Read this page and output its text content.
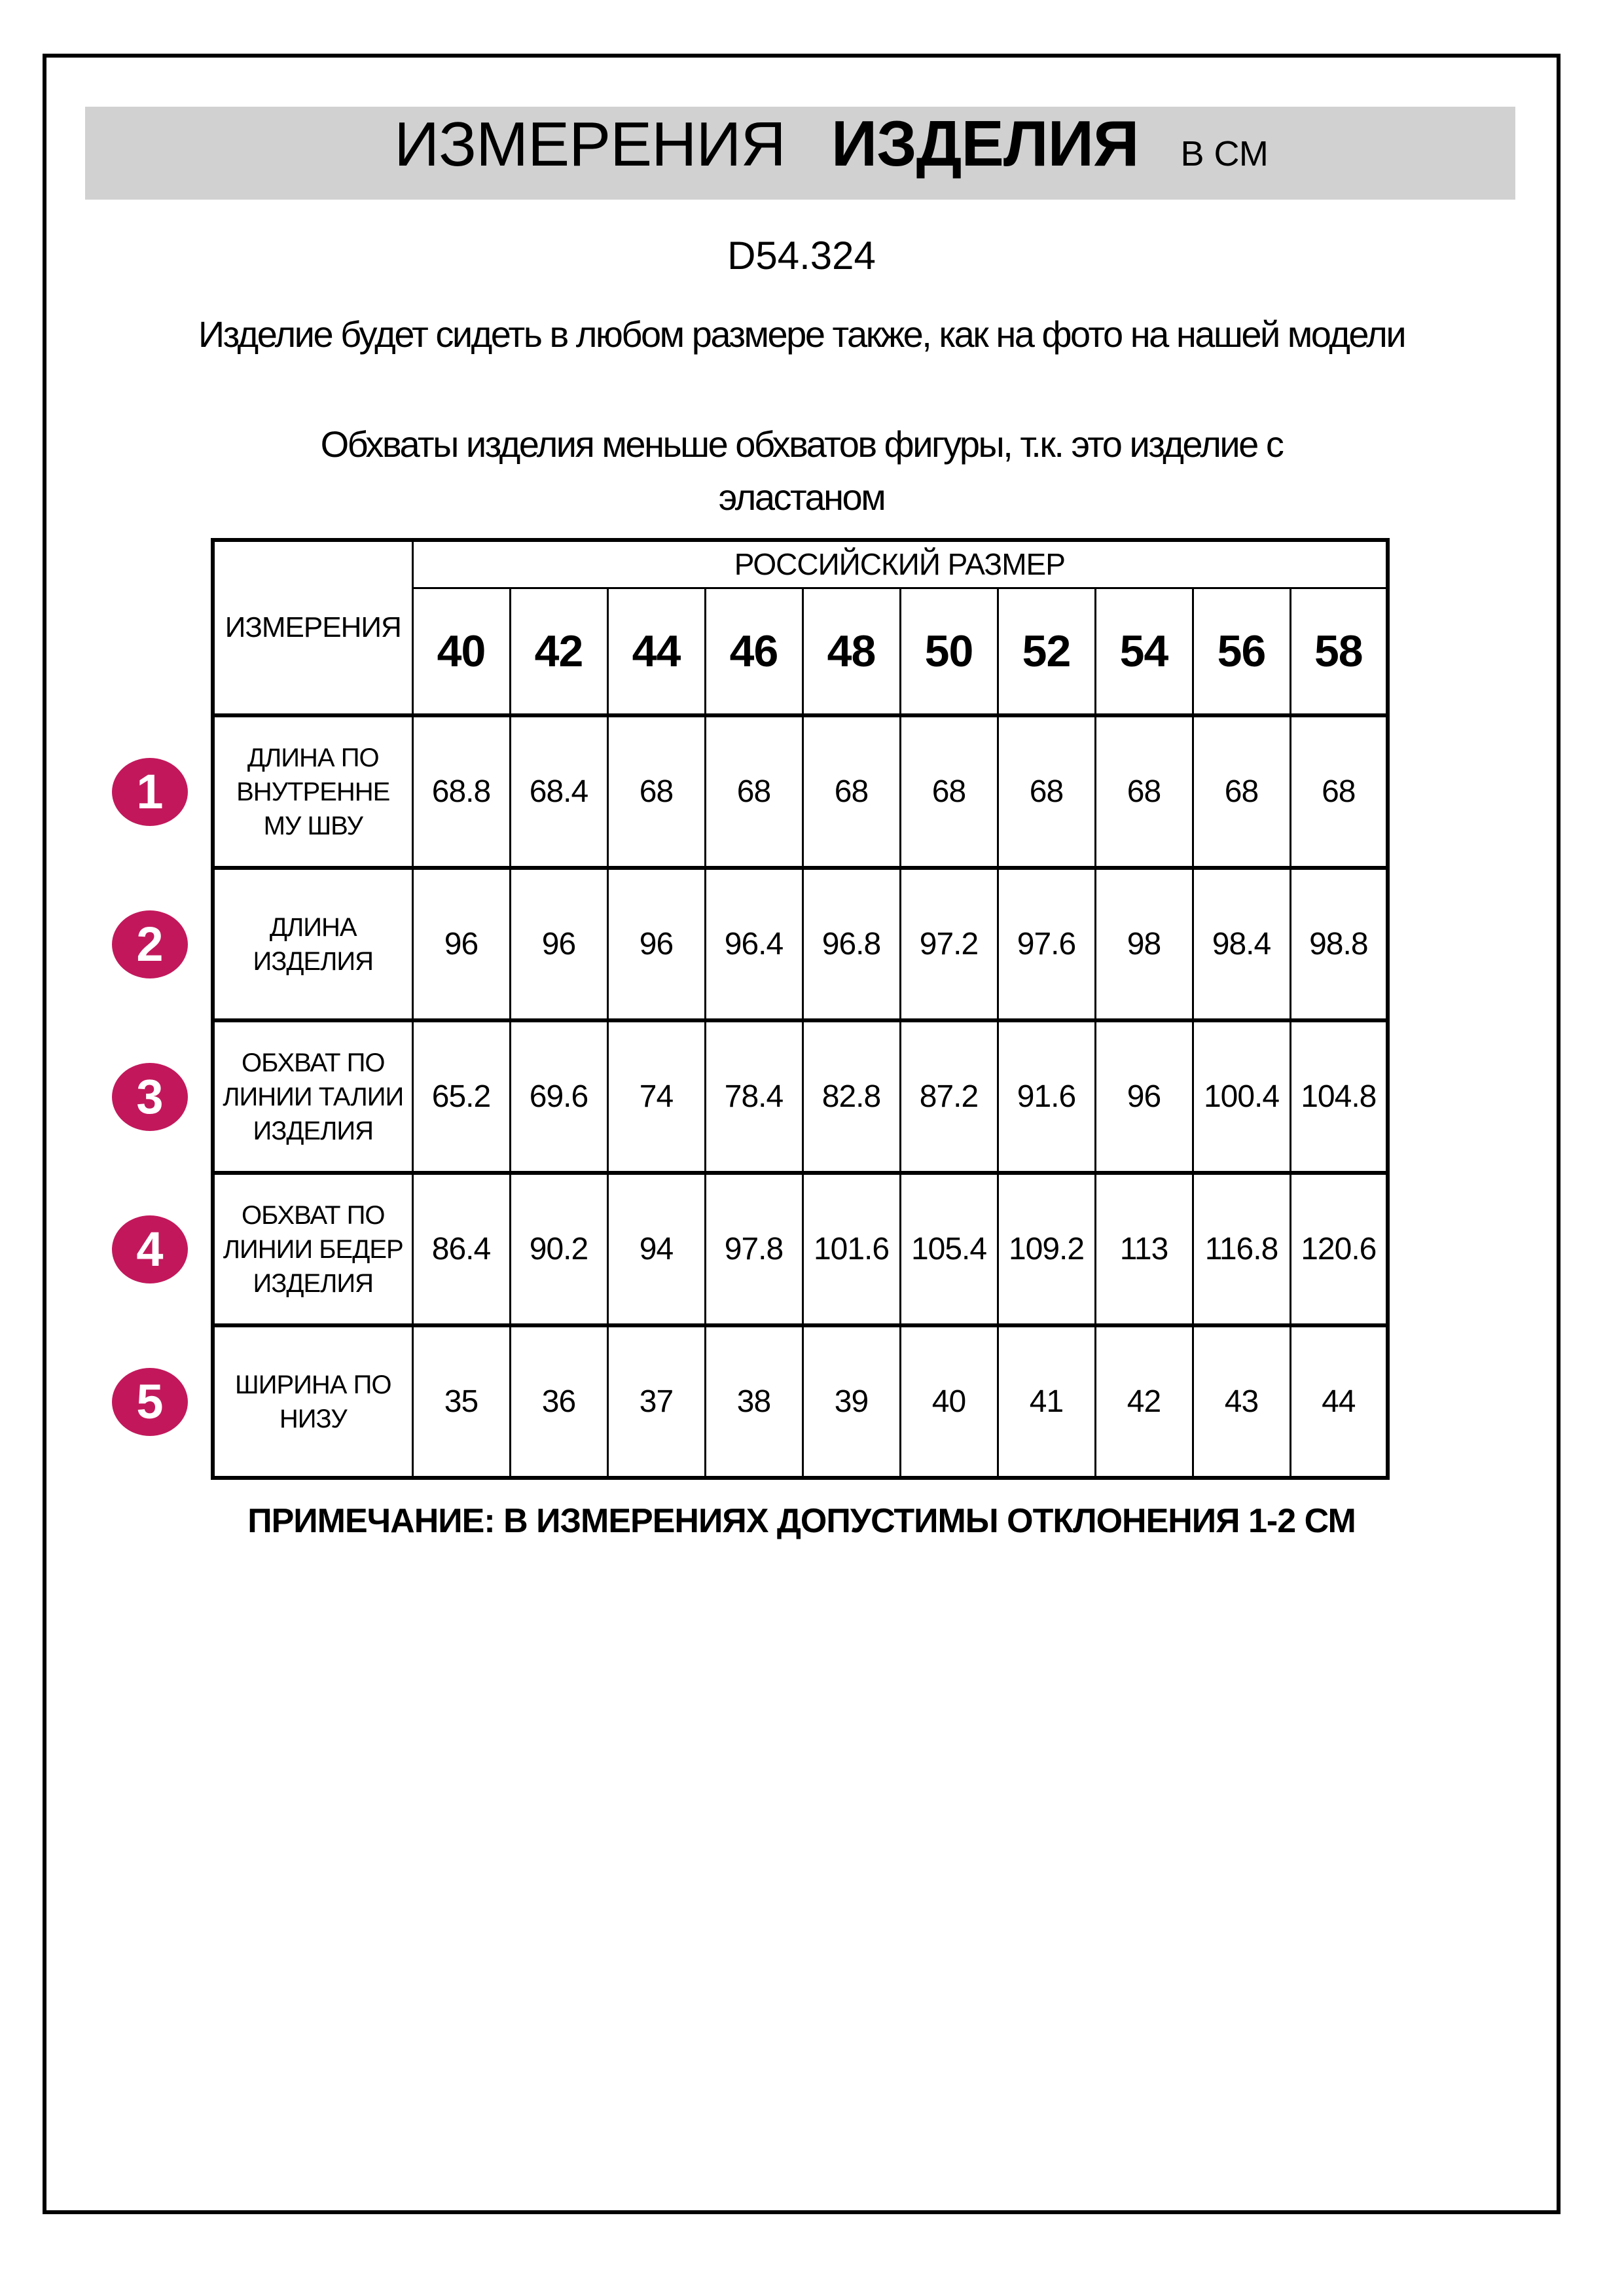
ИЗМЕРЕНИЯ ИЗДЕЛИЯ В СМ
D54.324

Изделие будет сидеть в любом размере также, как на фото на нашей модели

Обхваты изделия меньше обхватов фигуры, т.к. это изделие с эластаном

	ИЗМЕРЕНИЯ	РОССИЙСКИЙ РАЗМЕР									
		40	42	44	46	48	50	52	54	56	58

1	ДЛИНА ПО ВНУТРЕННЕ МУ ШВУ	68.8	68.4	68	68	68	68	68	68	68	68

2	ДЛИНА ИЗДЕЛИЯ	96	96	96	96.4	96.8	97.2	97.6	98	98.4	98.8

3	ОБХВАТ ПО ЛИНИИ ТАЛИИ ИЗДЕЛИЯ	65.2	69.6	74	78.4	82.8	87.2	91.6	96	100.4	104.8

4	ОБХВАТ ПО ЛИНИИ БЕДЕР ИЗДЕЛИЯ	86.4	90.2	94	97.8	101.6	105.4	109.2	113	116.8	120.6

5	ШИРИНА ПО НИЗУ	35	36	37	38	39	40	41	42	43	44
ПРИМЕЧАНИЕ: В ИЗМЕРЕНИЯХ ДОПУСТИМЫ ОТКЛОНЕНИЯ 1-2 СМ
